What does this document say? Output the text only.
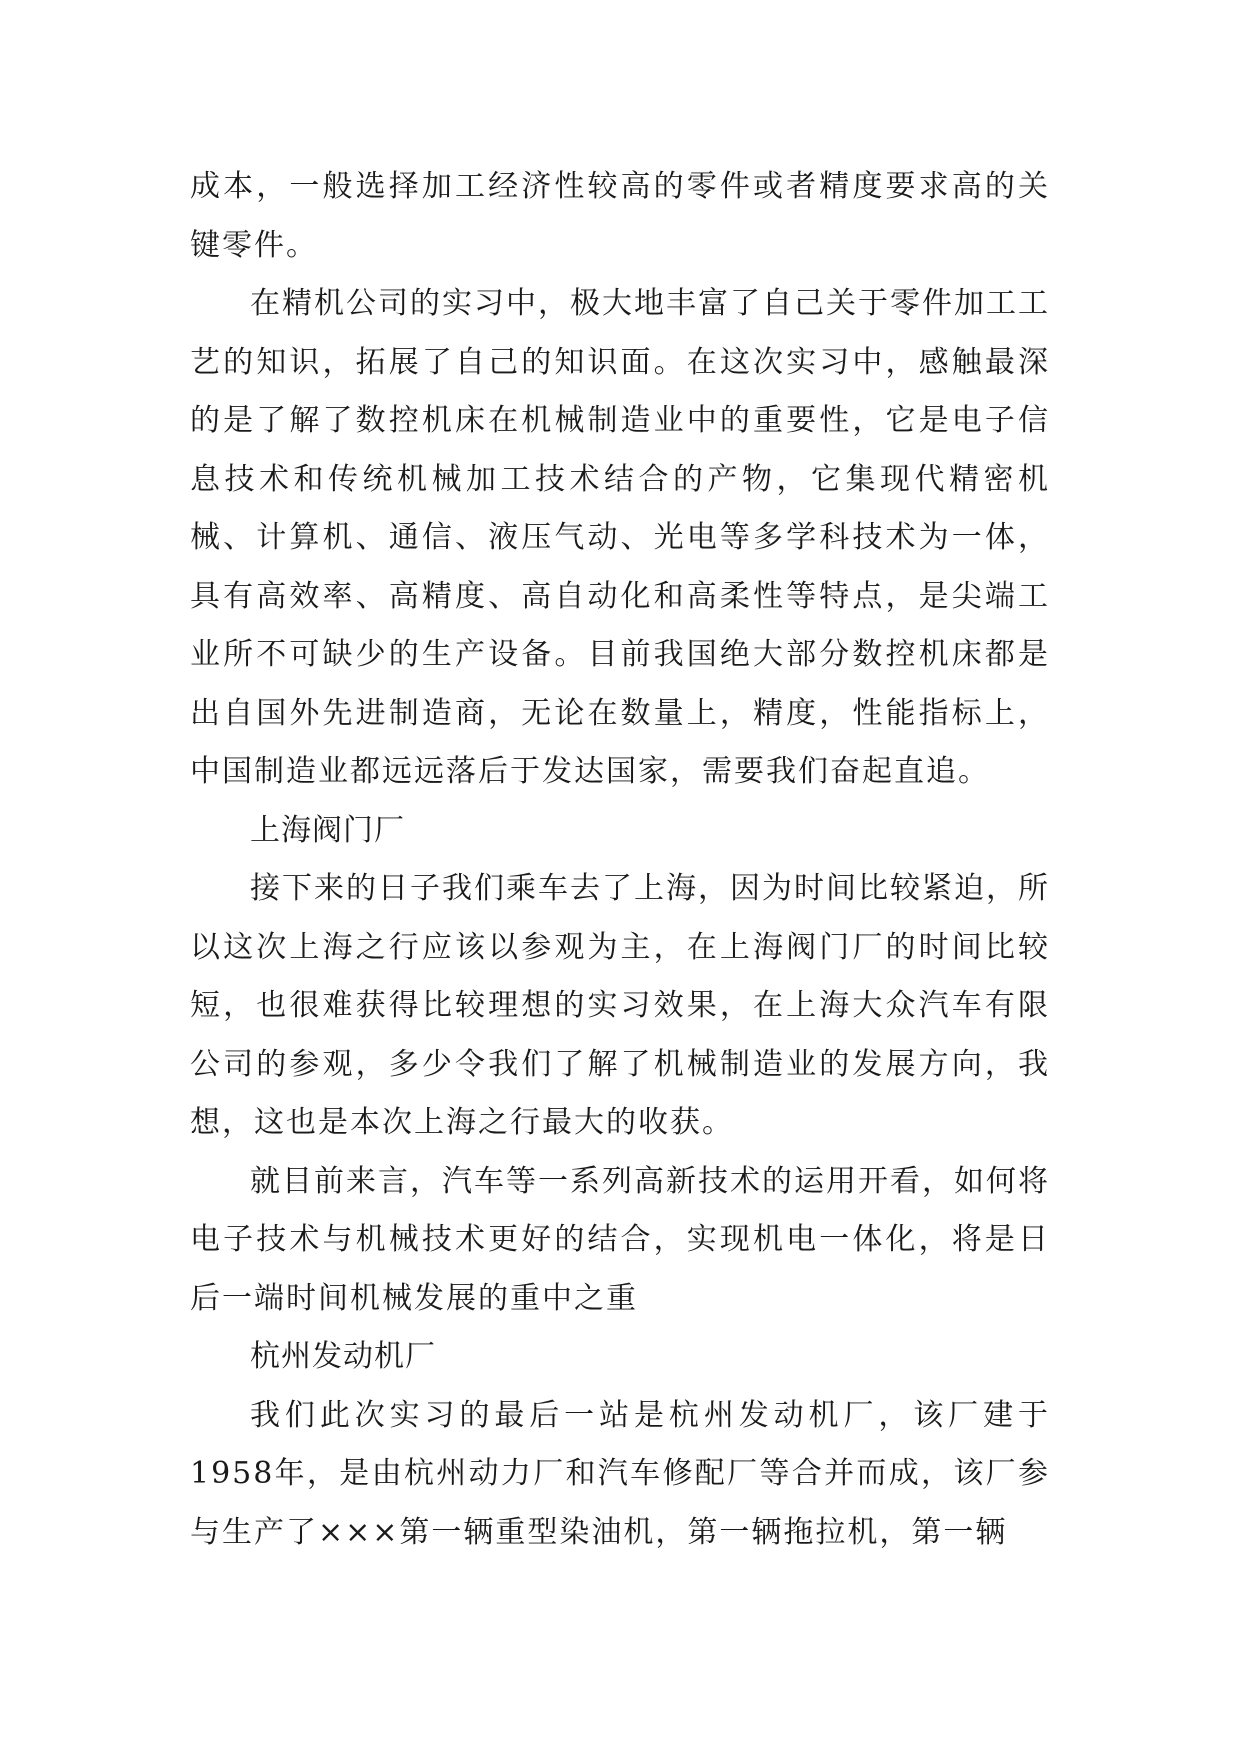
成本，一般选择加工经济性较高的零件或者精度要求高的关键零件。

在精机公司的实习中，极大地丰富了自己关于零件加工工艺的知识，拓展了自己的知识面。在这次实习中，感触最深的是了解了数控机床在机械制造业中的重要性，它是电子信息技术和传统机械加工技术结合的产物，它集现代精密机械、计算机、通信、液压气动、光电等多学科技术为一体，具有高效率、高精度、高自动化和高柔性等特点，是尖端工业所不可缺少的生产设备。目前我国绝大部分数控机床都是出自国外先进制造商，无论在数量上，精度，性能指标上，中国制造业都远远落后于发达国家，需要我们奋起直追。

上海阀门厂

接下来的日子我们乘车去了上海，因为时间比较紧迫，所以这次上海之行应该以参观为主，在上海阀门厂的时间比较短，也很难获得比较理想的实习效果，在上海大众汽车有限公司的参观，多少令我们了解了机械制造业的发展方向，我想，这也是本次上海之行最大的收获。

就目前来言，汽车等一系列高新技术的运用开看，如何将电子技术与机械技术更好的结合，实现机电一体化，将是日后一端时间机械发展的重中之重

杭州发动机厂

我们此次实习的最后一站是杭州发动机厂，该厂建于1958年，是由杭州动力厂和汽车修配厂等合并而成，该厂参与生产了×××第一辆重型染油机，第一辆拖拉机，第一辆
